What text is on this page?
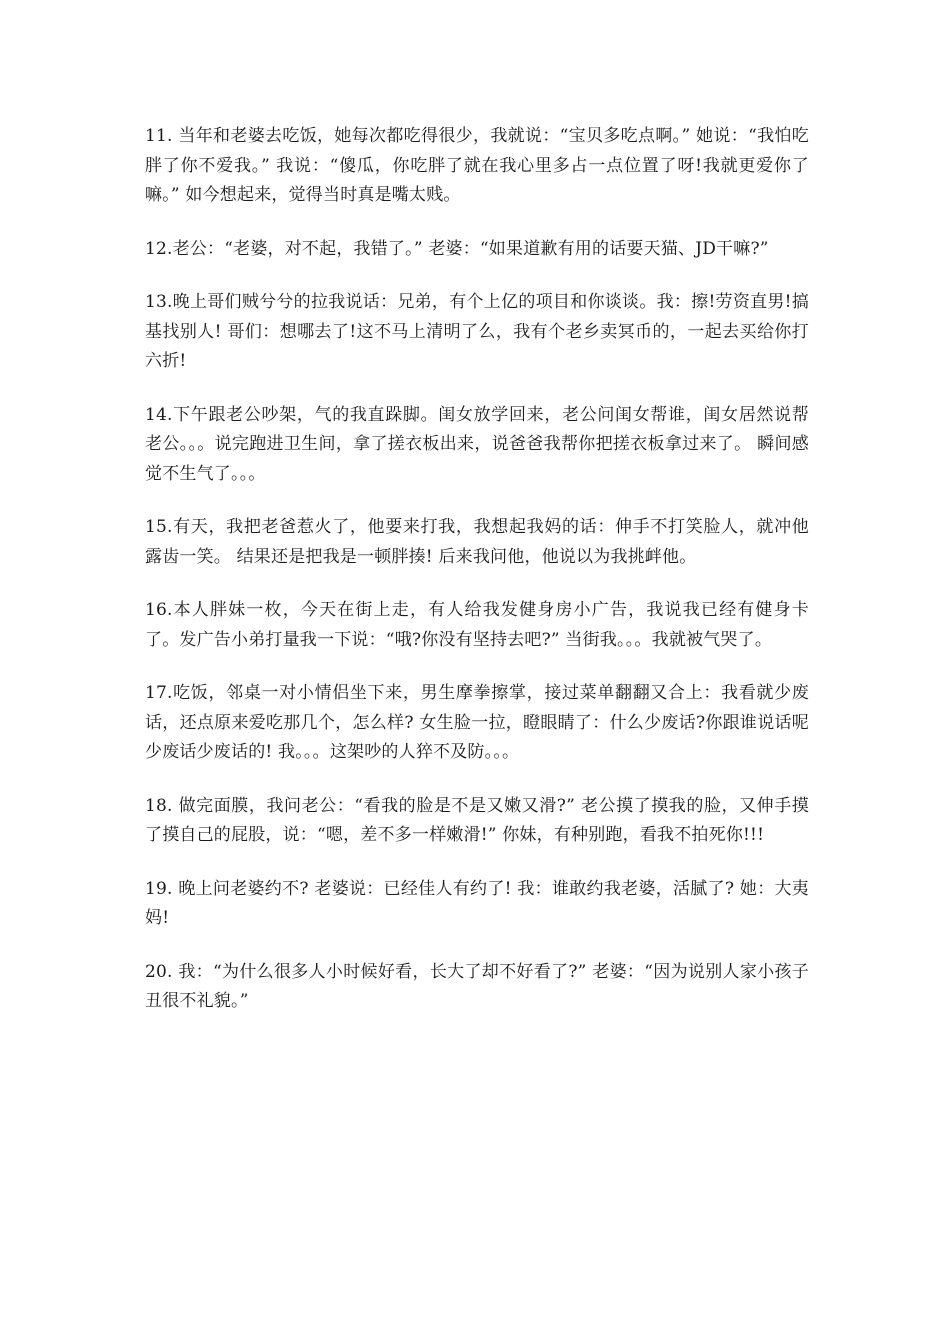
11. 当年和老婆去吃饭，她每次都吃得很少，我就说：“宝贝多吃点啊。” 她说：“我怕吃胖了你不爱我。” 我说：“傻瓜，你吃胖了就在我心里多占一点位置了呀!我就更爱你了嘛。” 如今想起来，觉得当时真是嘴太贱。

12.老公：“老婆，对不起，我错了。” 老婆：“如果道歉有用的话要天猫、JD干嘛?”

13.晚上哥们贼兮兮的拉我说话：兄弟，有个上亿的项目和你谈谈。我：擦!劳资直男!搞基找别人! 哥们：想哪去了!这不马上清明了么，我有个老乡卖冥币的，一起去买给你打六折!

14.下午跟老公吵架，气的我直跺脚。闺女放学回来，老公问闺女帮谁，闺女居然说帮老公。。。说完跑进卫生间，拿了搓衣板出来，说爸爸我帮你把搓衣板拿过来了。 瞬间感觉不生气了。。。

15.有天，我把老爸惹火了，他要来打我，我想起我妈的话：伸手不打笑脸人，就冲他露齿一笑。 结果还是把我是一顿胖揍! 后来我问他，他说以为我挑衅他。

16.本人胖妹一枚，今天在街上走，有人给我发健身房小广告，我说我已经有健身卡了。发广告小弟打量我一下说：“哦?你没有坚持去吧?” 当街我。。。我就被气哭了。

17.吃饭，邻桌一对小情侣坐下来，男生摩拳擦掌，接过菜单翻翻又合上：我看就少废话，还点原来爱吃那几个，怎么样? 女生脸一拉，瞪眼睛了：什么少废话?你跟谁说话呢少废话少废话的! 我。。。这架吵的人猝不及防。。。

18. 做完面膜，我问老公：“看我的脸是不是又嫩又滑?” 老公摸了摸我的脸，又伸手摸了摸自己的屁股，说：“嗯，差不多一样嫩滑!” 你妹，有种别跑，看我不拍死你!!!

19. 晚上问老婆约不? 老婆说：已经佳人有约了! 我：谁敢约我老婆，活腻了? 她：大夷妈!

20. 我：“为什么很多人小时候好看，长大了却不好看了?” 老婆：“因为说别人家小孩子丑很不礼貌。”
